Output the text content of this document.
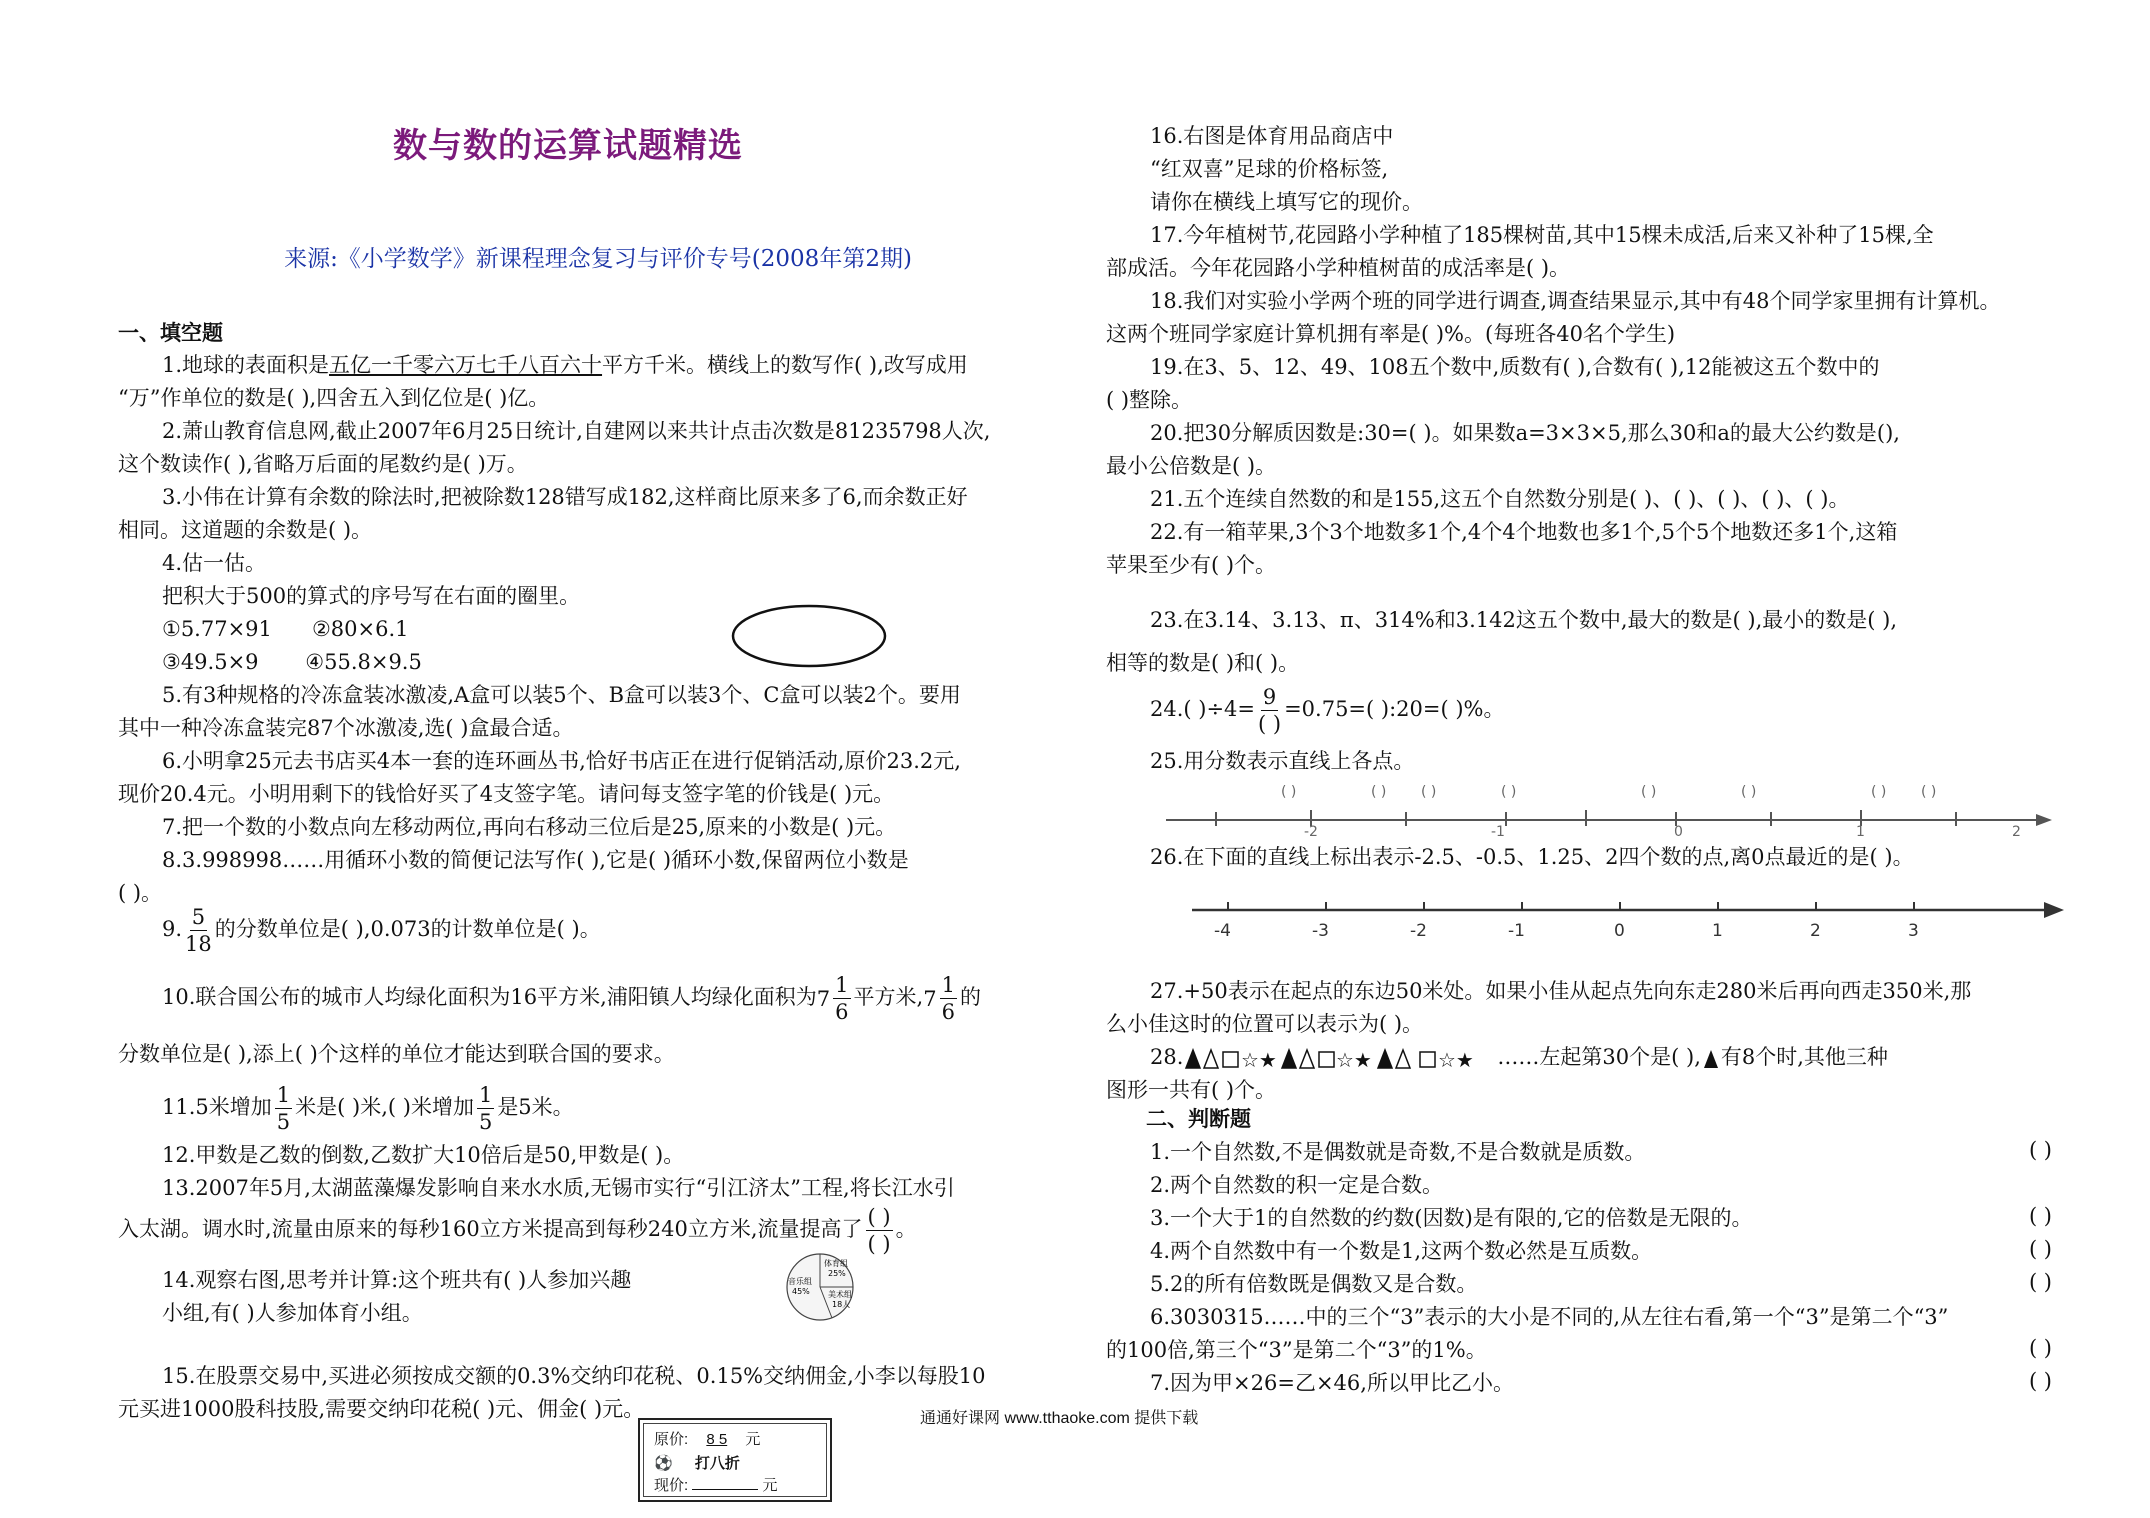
数与数的运算试题精选
来源:《小学数学》新课程理念复习与评价专号(2008年第2期)
一、填空题
1.地球的表面积是五亿一千零六万七千八百六十平方千米。横线上的数写作( ),改写成用
“万”作单位的数是( ),四舍五入到亿位是( )亿。
2.萧山教育信息网,截止2007年6月25日统计,自建网以来共计点击次数是81235798人次,
这个数读作( ),省略万后面的尾数约是( )万。
3.小伟在计算有余数的除法时,把被除数128错写成182,这样商比原来多了6,而余数正好
相同。这道题的余数是( )。
4.估一估。
把积大于500的算式的序号写在右面的圈里。
①5.77×91      ②80×6.1
③49.5×9       ④55.8×9.5
5.有3种规格的冷冻盒装冰激凌,A盒可以装5个、B盒可以装3个、C盒可以装2个。要用
其中一种冷冻盒装完87个冰激凌,选( )盒最合适。
6.小明拿25元去书店买4本一套的连环画丛书,恰好书店正在进行促销活动,原价23.2元,
现价20.4元。小明用剩下的钱恰好买了4支签字笔。请问每支签字笔的价钱是( )元。
7.把一个数的小数点向左移动两位,再向右移动三位后是25,原来的小数是( )元。
8.3.998998……用循环小数的简便记法写作( ),它是( )循环小数,保留两位小数是
( )。
9. $\frac{5}{18}$ 的分数单位是( ),0.073的计数单位是( )。
10.联合国公布的城市人均绿化面积为16平方米,浦阳镇人均绿化面积为 $7 \frac{1}{6}$ 平方米, $7 \frac{1}{6}$ 的
分数单位是( ),添上( )个这样的单位才能达到联合国的要求。
11.5米增加 $\frac{1}{5}$ 米是( )米,( )米增加 $\frac{1}{5}$ 是5米。
12.甲数是乙数的倒数,乙数扩大10倍后是50,甲数是( )。
13.2007年5月,太湖蓝藻爆发影响自来水水质,无锡市实行“引江济太”工程,将长江水引
入太湖。调水时,流量由原来的每秒160立方米提高到每秒240立方米,流量提高了 $\frac{( )}{( )}$ 。
14.观察右图,思考并计算:这个班共有( )人参加兴趣
小组,有( )人参加体育小组。
体育组
25%
音乐组
45% 美术组
18人
15.在股票交易中,买进必须按成交额的0.3%交纳印花税、0.15%交纳佣金,小李以每股10
元买进1000股科技股,需要交纳印花税( )元、佣金( )元。
原价: 8 5 元
⚽ 打八折
现价:	元
16.右图是体育用品商店中
“红双喜”足球的价格标签,
请你在横线上填写它的现价。
17.今年植树节,花园路小学种植了185棵树苗,其中15棵未成活,后来又补种了15棵,全
部成活。今年花园路小学种植树苗的成活率是( )。
18.我们对实验小学两个班的同学进行调查,调查结果显示,其中有48个同学家里拥有计算机。
这两个班同学家庭计算机拥有率是( )%。(每班各40名个学生)
19.在3、5、12、49、108五个数中,质数有( ),合数有( ),12能被这五个数中的
( )整除。
20.把30分解质因数是:30=( )。如果数a=3×3×5,那么30和a的最大公约数是(),
最小公倍数是( )。
21.五个连续自然数的和是155,这五个自然数分别是( )、( )、( )、( )、( )。
22.有一箱苹果,3个3个地数多1个,4个4个地数也多1个,5个5个地数还多1个,这箱
苹果至少有( )个。
23.在3.14、3.13、π、314%和3.142这五个数中,最大的数是( ),最小的数是( ),
相等的数是( )和( )。
24.( )$\div 4= \frac{9}{( )} =0.75=$( ):20=( )%。
25.用分数表示直线上各点。
( )	( ) ( )	( )	( )	( )	( ) ( )
-2	-1	0	1	2
26.在下面的直线上标出表示-2.5、-0.5、1.25、2四个数的点,离0点最近的是( )。
-4	-3	-2	-1	0	1	2	3
27.+50表示在起点的东边50米处。如果小佳从起点先向东走280米后再向西走350米,那
么小佳这时的位置可以表示为( )。
28.	☆★	☆★	☆★ ……左起第30个是( ), 有8个时,其他三种
图形一共有( )个。
二、判断题
1.一个自然数,不是偶数就是奇数,不是合数就是质数。	( )
2.两个自然数的积一定是合数。
3.一个大于1的自然数的约数(因数)是有限的,它的倍数是无限的。	( )
4.两个自然数中有一个数是1,这两个数必然是互质数。	( )
5.2的所有倍数既是偶数又是合数。	( )
6.3030315……中的三个“3”表示的大小是不同的,从左往右看,第一个“3”是第二个“3”
的100倍,第三个“3”是第二个“3”的1%。	( )
7.因为甲×26=乙×46,所以甲比乙小。	( )
通通好课网 www.tthaoke.com 提供下载
